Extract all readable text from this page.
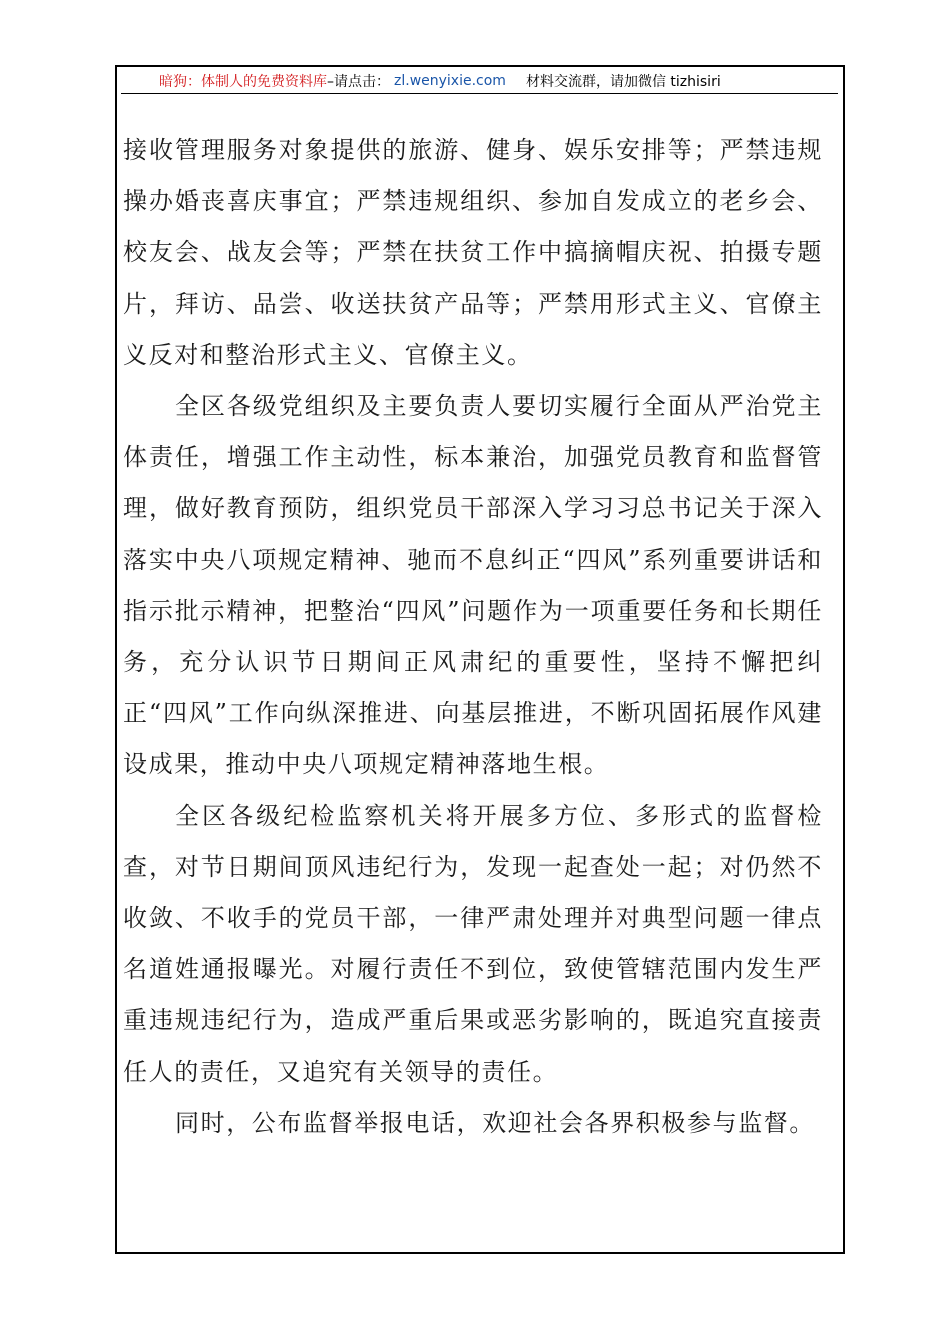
暗狗：体制人的免费资料库 –请点击： zl.wenyixie.com 材料交流群，请加微信 tizhisiri

接收管理服务对象提供的旅游、健身、娱乐安排等；严禁违规操办婚丧喜庆事宜；严禁违规组织、参加自发成立的老乡会、校友会、战友会等；严禁在扶贫工作中搞摘帽庆祝、拍摄专题片，拜访、品尝、收送扶贫产品等；严禁用形式主义、官僚主义反对和整治形式主义、官僚主义。

全区各级党组织及主要负责人要切实履行全面从严治党主体责任，增强工作主动性，标本兼治，加强党员教育和监督管理，做好教育预防，组织党员干部深入学习习总书记关于深入落实中央八项规定精神、驰而不息纠正“四风”系列重要讲话和指示批示精神，把整治“四风”问题作为一项重要任务和长期任务，充分认识节日期间正风肃纪的重要性，坚持不懈把纠正“四风”工作向纵深推进、向基层推进，不断巩固拓展作风建设成果，推动中央八项规定精神落地生根。

全区各级纪检监察机关将开展多方位、多形式的监督检查，对节日期间顶风违纪行为，发现一起查处一起；对仍然不收敛、不收手的党员干部，一律严肃处理并对典型问题一律点名道姓通报曝光。对履行责任不到位，致使管辖范围内发生严重违规违纪行为，造成严重后果或恶劣影响的，既追究直接责任人的责任，又追究有关领导的责任。

同时，公布监督举报电话，欢迎社会各界积极参与监督。
